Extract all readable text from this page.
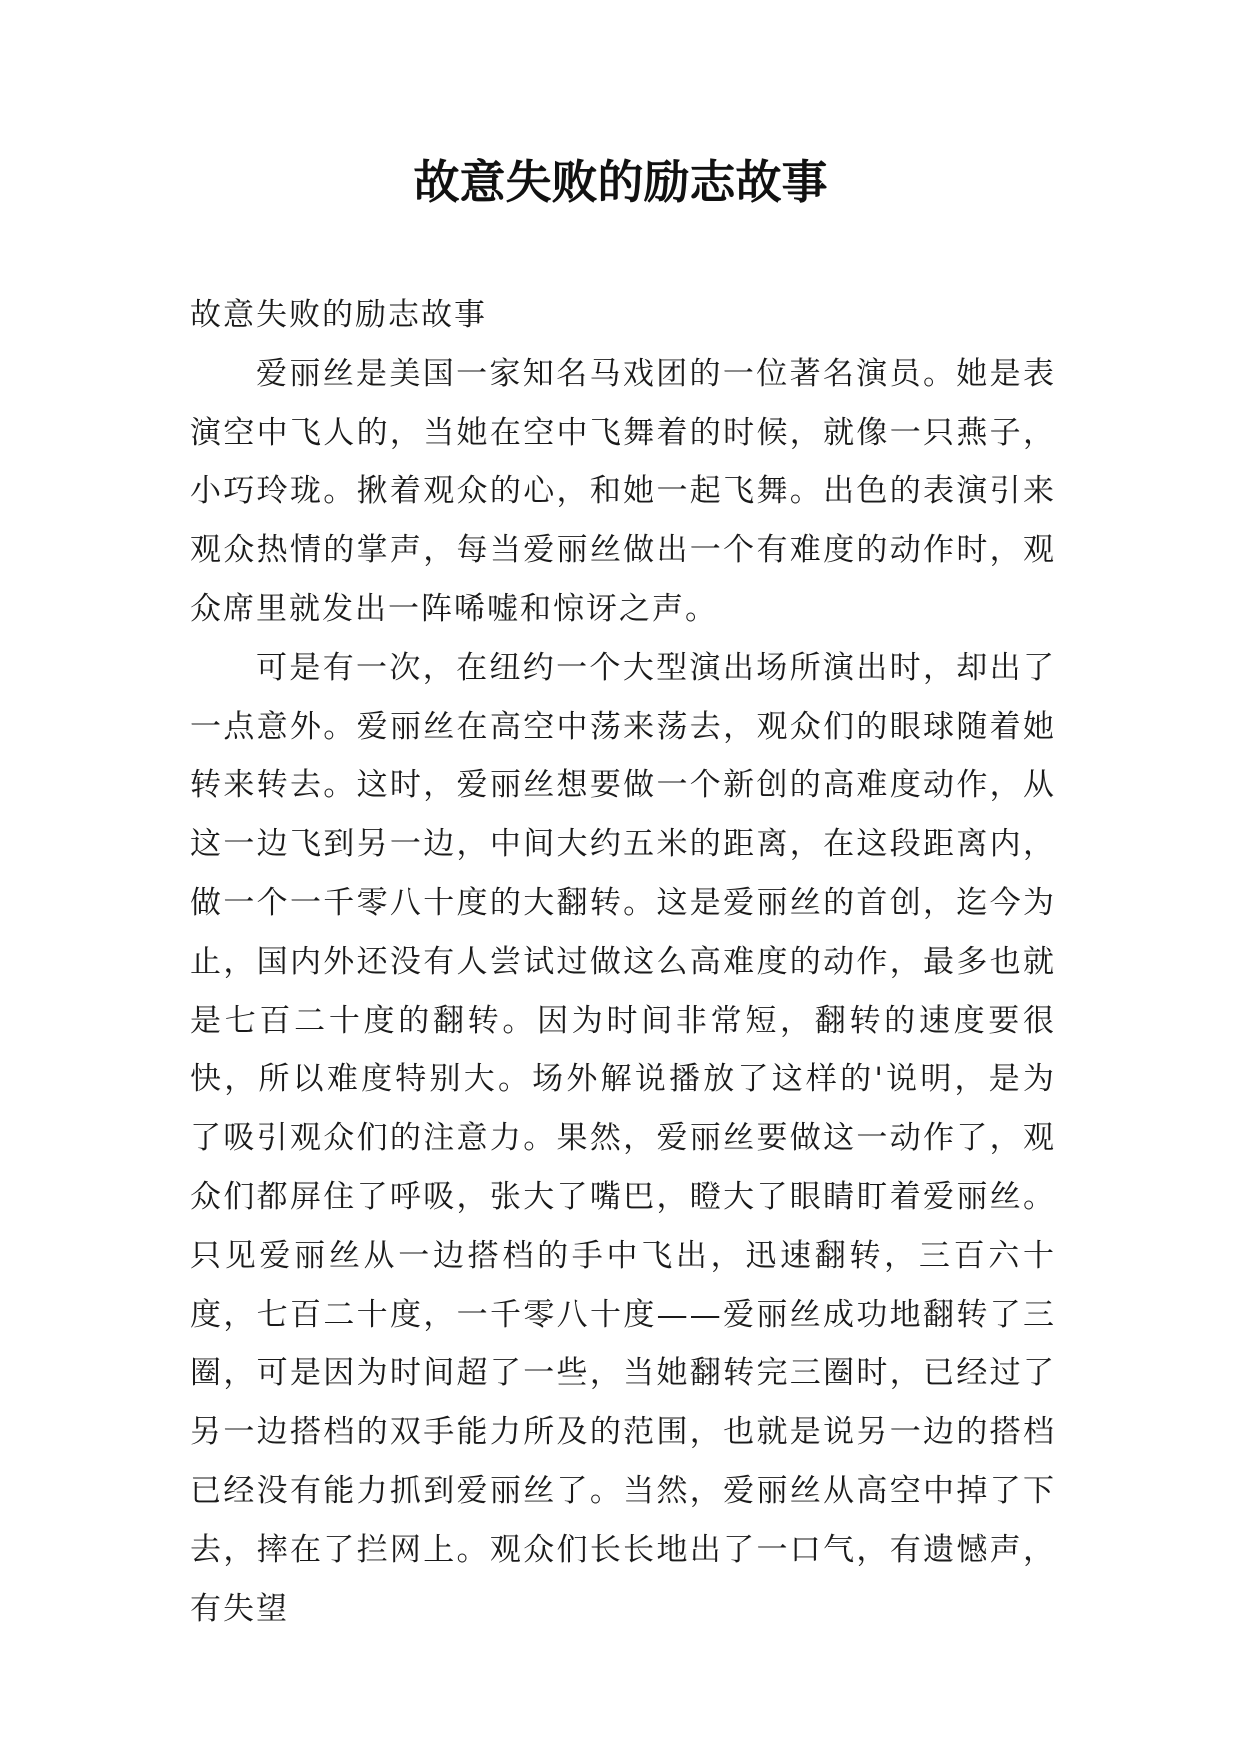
故意失败的励志故事

故意失败的励志故事

爱丽丝是美国一家知名马戏团的一位著名演员。她是表演空中飞人的，当她在空中飞舞着的时候，就像一只燕子，小巧玲珑。揪着观众的心，和她一起飞舞。出色的表演引来观众热情的掌声，每当爱丽丝做出一个有难度的动作时，观众席里就发出一阵唏嘘和惊讶之声。

可是有一次，在纽约一个大型演出场所演出时，却出了一点意外。爱丽丝在高空中荡来荡去，观众们的眼球随着她转来转去。这时，爱丽丝想要做一个新创的高难度动作，从这一边飞到另一边，中间大约五米的距离，在这段距离内，做一个一千零八十度的大翻转。这是爱丽丝的首创，迄今为止，国内外还没有人尝试过做这么高难度的动作，最多也就是七百二十度的翻转。因为时间非常短，翻转的速度要很快，所以难度特别大。场外解说播放了这样的'说明，是为了吸引观众们的注意力。果然，爱丽丝要做这一动作了，观众们都屏住了呼吸，张大了嘴巴，瞪大了眼睛盯着爱丽丝。只见爱丽丝从一边搭档的手中飞出，迅速翻转，三百六十度，七百二十度，一千零八十度——爱丽丝成功地翻转了三圈，可是因为时间超了一些，当她翻转完三圈时，已经过了另一边搭档的双手能力所及的范围，也就是说另一边的搭档已经没有能力抓到爱丽丝了。当然，爱丽丝从高空中掉了下去，摔在了拦网上。观众们长长地出了一口气，有遗憾声，有失望
